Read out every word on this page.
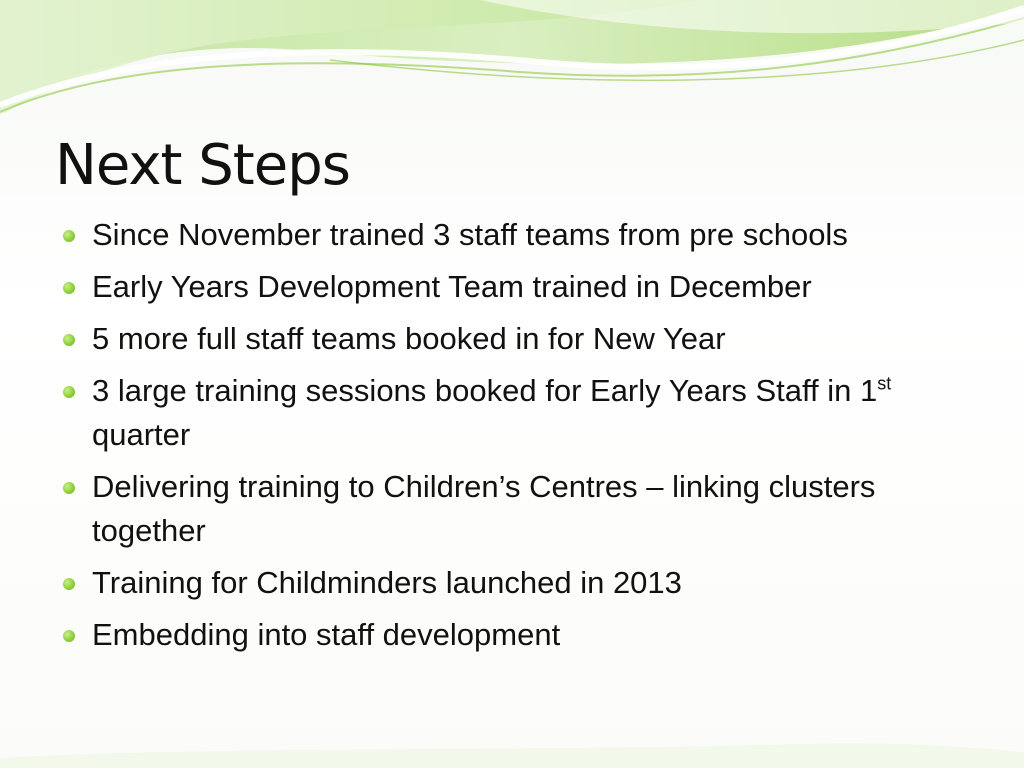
Next Steps
Since November trained 3 staff teams from pre schools
Early Years Development Team trained in December
5 more full staff teams booked in for New Year
3 large training sessions booked for Early Years Staff in 1st quarter
Delivering training to Children’s Centres – linking clusters together
Training for Childminders launched in 2013
Embedding into staff development
